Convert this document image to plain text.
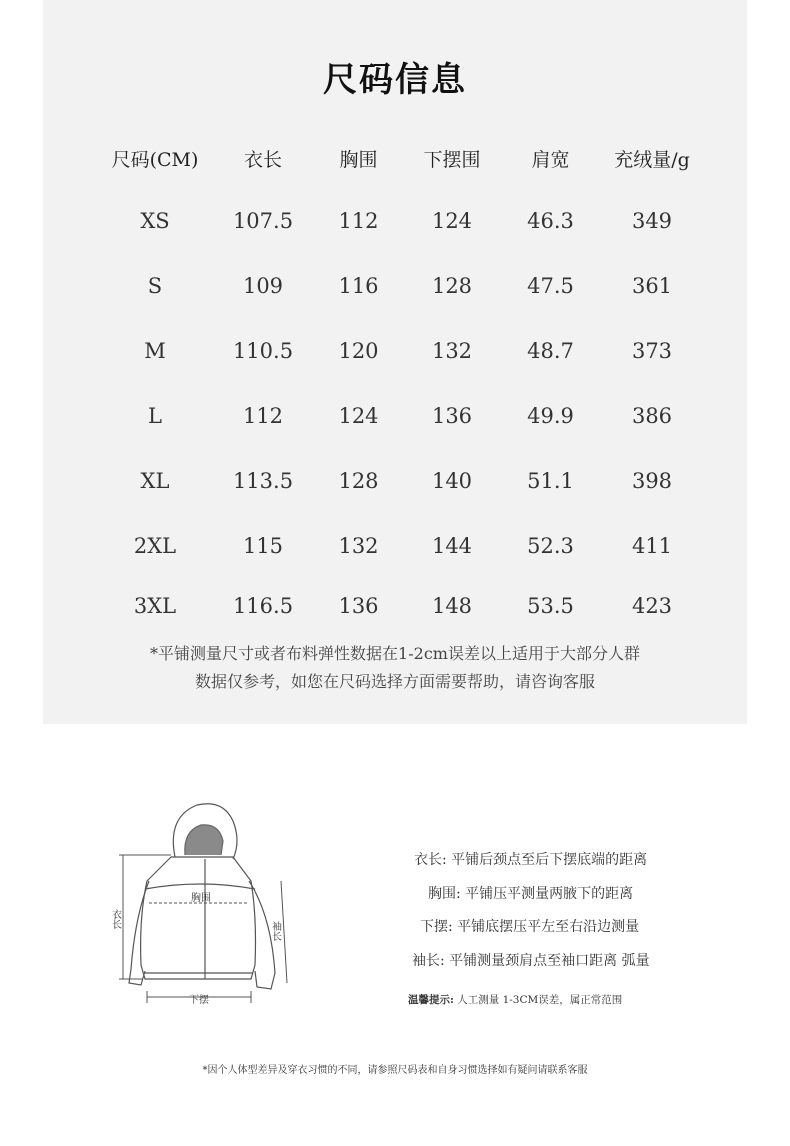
尺码信息
尺码(CM)	衣长	胸围	下摆围	肩宽	充绒量/g
XS	107.5	112	124	46.3	349
S	109	116	128	47.5	361
M	110.5	120	132	48.7	373
L	112	124	136	49.9	386
XL	113.5	128	140	51.1	398
2XL	115	132	144	52.3	411
3XL	116.5	136	148	53.5	423
*平铺测量尺寸或者布料弹性数据在1-2cm误差以上适用于大部分人群
数据仅参考，如您在尺码选择方面需要帮助，请咨询客服
衣长
胸围
袖长
下摆
衣长: 平铺后颈点至后下摆底端的距离
胸围: 平铺压平测量两腋下的距离
下摆: 平铺底摆压平左至右沿边测量
袖长: 平铺测量颈肩点至袖口距离 弧量
温馨提示: 人工测量 1-3CM误差，属正常范围
*因个人体型差异及穿衣习惯的不同，请参照尺码表和自身习惯选择如有疑问请联系客服
